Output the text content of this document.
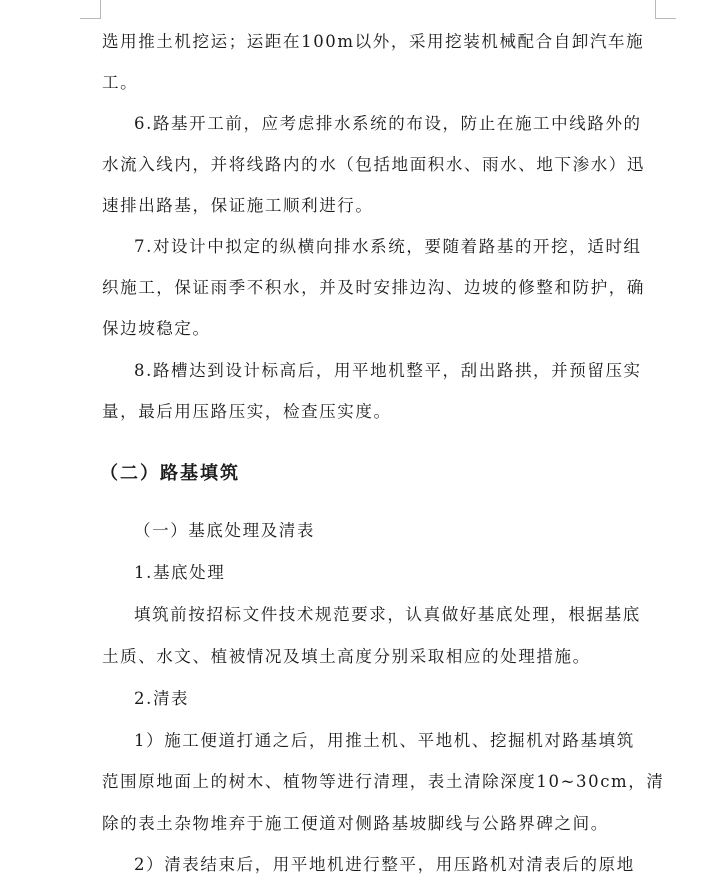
选用推土机挖运；运距在100m以外，采用挖装机械配合自卸汽车施
工。
6.路基开工前，应考虑排水系统的布设，防止在施工中线路外的
水流入线内，并将线路内的水（包括地面积水、雨水、地下渗水）迅
速排出路基，保证施工顺利进行。
7.对设计中拟定的纵横向排水系统，要随着路基的开挖，适时组
织施工，保证雨季不积水，并及时安排边沟、边坡的修整和防护，确
保边坡稳定。
8.路槽达到设计标高后，用平地机整平，刮出路拱，并预留压实
量，最后用压路压实，检查压实度。
（二）路基填筑
（一）基底处理及清表
1.基底处理
填筑前按招标文件技术规范要求，认真做好基底处理，根据基底
土质、水文、植被情况及填土高度分别采取相应的处理措施。
2.清表
1）施工便道打通之后，用推土机、平地机、挖掘机对路基填筑
范围原地面上的树木、植物等进行清理，表土清除深度10~30cm，清
除的表土杂物堆弃于施工便道对侧路基坡脚线与公路界碑之间。
2）清表结束后，用平地机进行整平，用压路机对清表后的原地
